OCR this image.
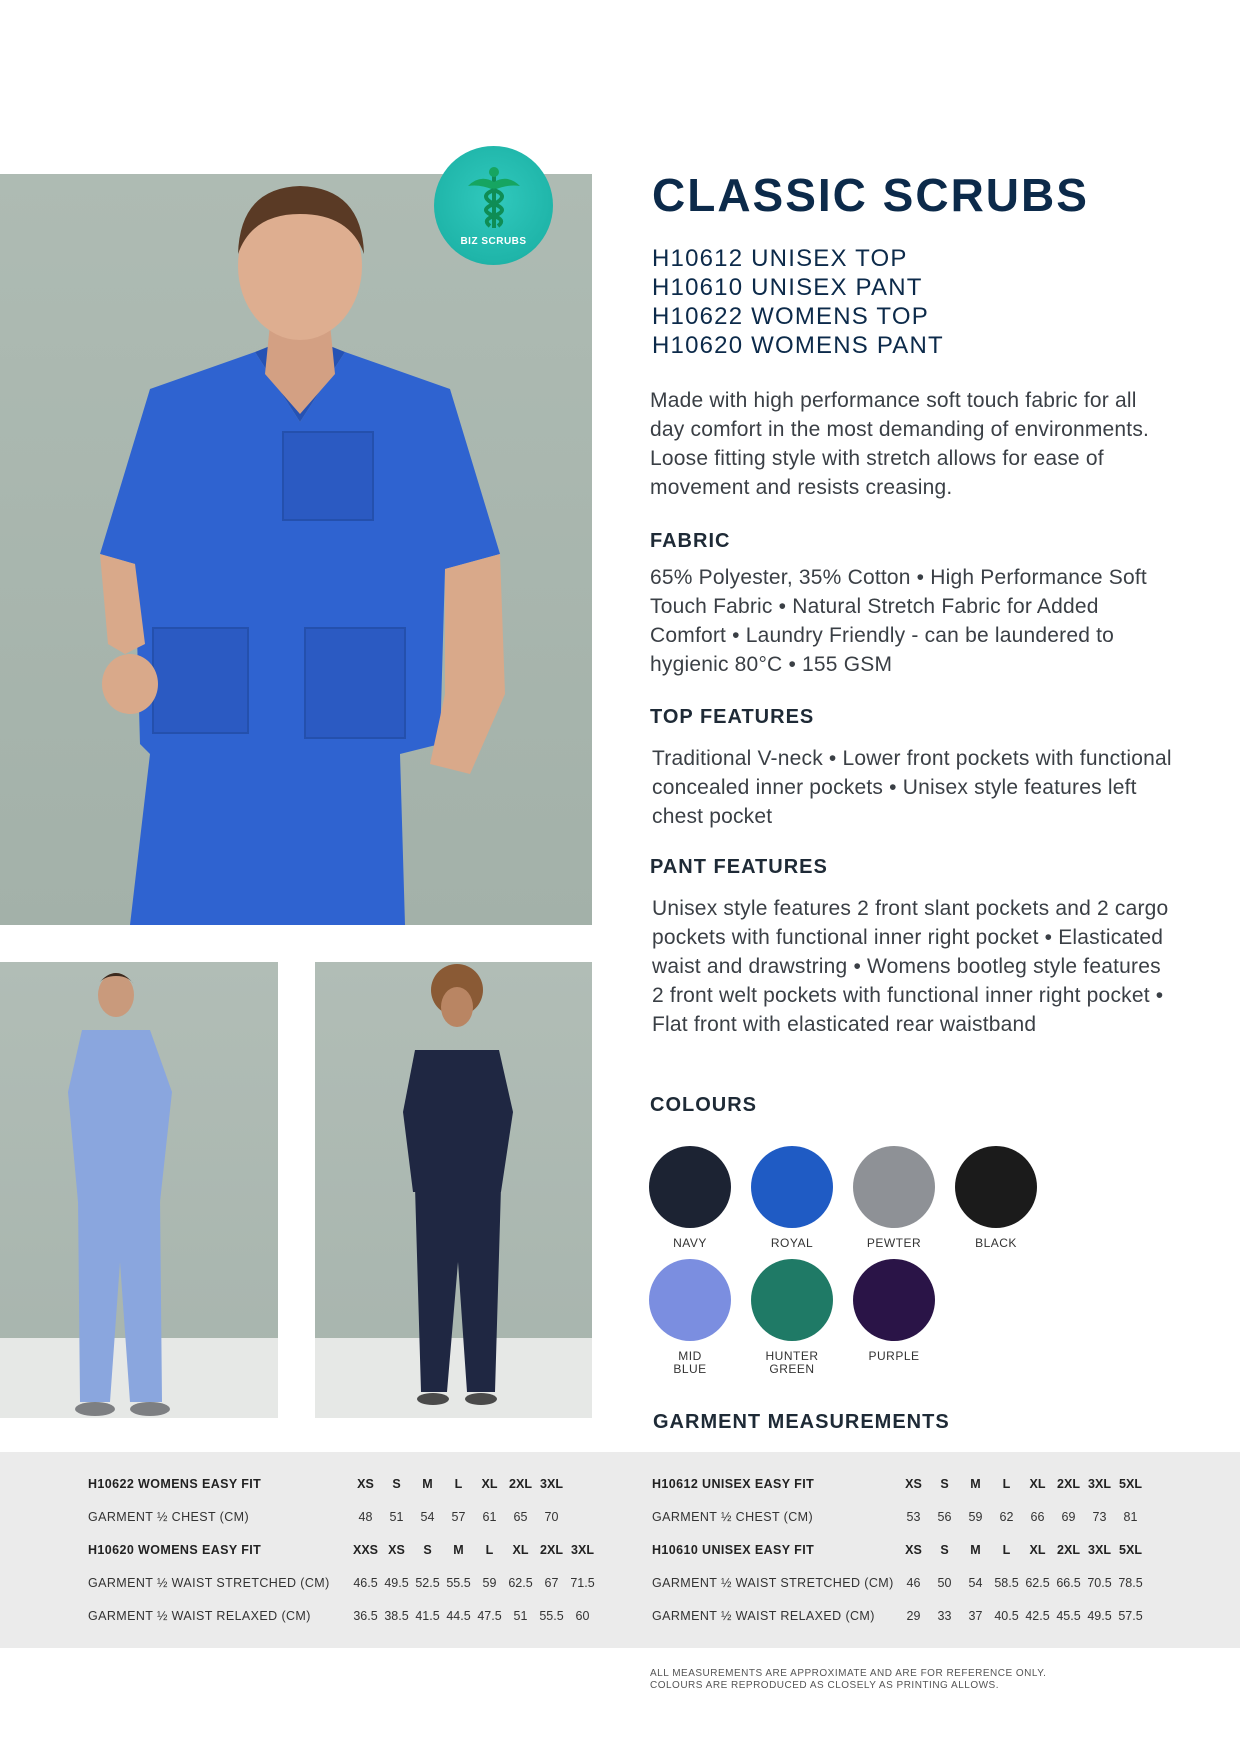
BIZ SCRUBS
CLASSIC SCRUBS
H10612 UNISEX TOP
H10610 UNISEX PANT
H10622 WOMENS TOP
H10620 WOMENS PANT
Made with high performance soft touch fabric for all day comfort in the most demanding of environments. Loose fitting style with stretch allows for ease of movement and resists creasing.
FABRIC
65% Polyester, 35% Cotton • High Performance Soft Touch Fabric • Natural Stretch Fabric for Added Comfort • Laundry Friendly - can be laundered to hygienic 80°C • 155 GSM
TOP FEATURES
Traditional V-neck • Lower front pockets with functional concealed inner pockets • Unisex style features left chest pocket
PANT FEATURES
Unisex style features 2 front slant pockets and 2 cargo pockets with functional inner right pocket • Elasticated waist and drawstring • Womens bootleg style features 2 front welt pockets with functional inner right pocket • Flat front with elasticated rear waistband
COLOURS
NAVY	ROYAL	PEWTER	BLACK
MID
BLUE
HUNTER
GREEN
PURPLE
GARMENT MEASUREMENTS
H10622 WOMENS EASY FIT	XS	S	M	L	XL	2XL	3XL	
GARMENT ½ CHEST (CM)	48	51	54	57	61	65	70	
H10620 WOMENS EASY FIT	XXS	XS	S	M	L	XL	2XL	3XL
GARMENT ½ WAIST STRETCHED (CM)	46.5	49.5	52.5	55.5	59	62.5	67	71.5
GARMENT ½ WAIST RELAXED (CM)	36.5	38.5	41.5	44.5	47.5	51	55.5	60
H10612 UNISEX EASY FIT	XS	S	M	L	XL	2XL	3XL	5XL
GARMENT ½ CHEST (CM)	53	56	59	62	66	69	73	81
H10610 UNISEX EASY FIT	XS	S	M	L	XL	2XL	3XL	5XL
GARMENT ½ WAIST STRETCHED (CM)	46	50	54	58.5	62.5	66.5	70.5	78.5
GARMENT ½ WAIST RELAXED (CM)	29	33	37	40.5	42.5	45.5	49.5	57.5
ALL MEASUREMENTS ARE APPROXIMATE AND ARE FOR REFERENCE ONLY.
COLOURS ARE REPRODUCED AS CLOSELY AS PRINTING ALLOWS.
